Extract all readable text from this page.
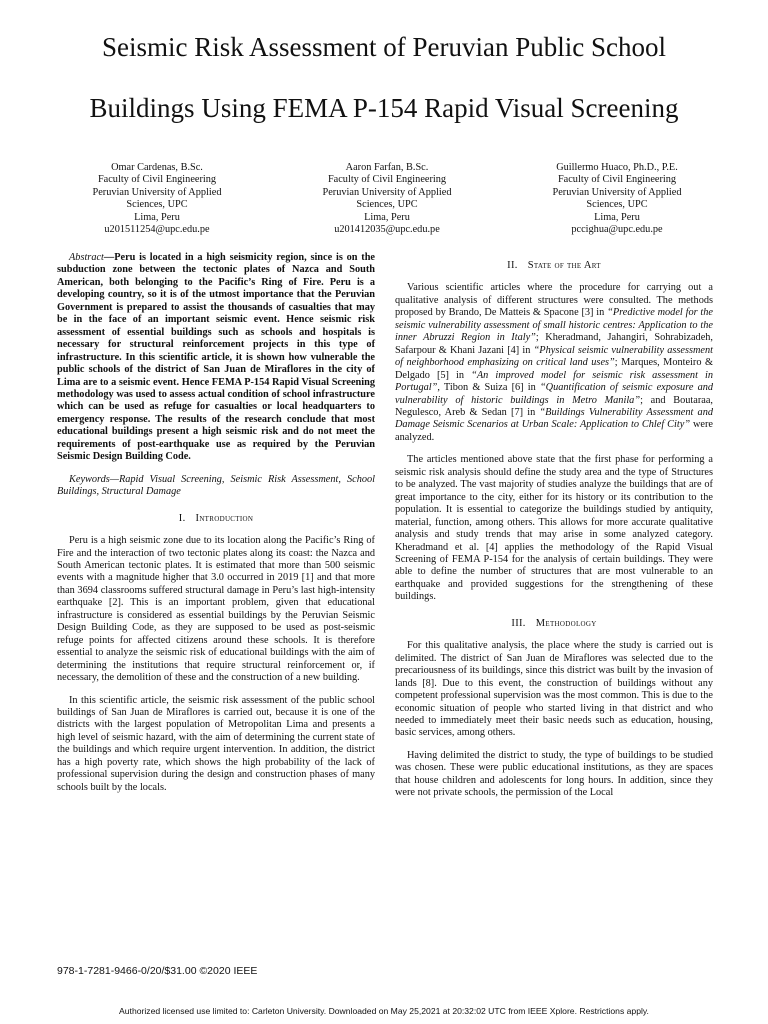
Seismic Risk Assessment of Peruvian Public School
Buildings Using FEMA P-154 Rapid Visual Screening
Omar Cardenas, B.Sc.
Faculty of Civil Engineering
Peruvian University of Applied
Sciences, UPC
Lima, Peru
u201511254@upc.edu.pe
Aaron Farfan, B.Sc.
Faculty of Civil Engineering
Peruvian University of Applied
Sciences, UPC
Lima, Peru
u201412035@upc.edu.pe
Guillermo Huaco, Ph.D., P.E.
Faculty of Civil Engineering
Peruvian University of Applied
Sciences, UPC
Lima, Peru
pccighua@upc.edu.pe

Abstract—Peru is located in a high seismicity region, since is on the subduction zone between the tectonic plates of Nazca and South American, both belonging to the Pacific’s Ring of Fire. Peru is a developing country, so it is of the utmost importance that the Peruvian Government is prepared to assist the thousands of casualties that may be in the face of an important seismic event. Hence seismic risk assessment of essential buildings such as schools and hospitals is necessary for structural reinforcement projects in this type of infrastructure. In this scientific article, it is shown how vulnerable the public schools of the district of San Juan de Miraflores in the city of Lima are to a seismic event. Hence FEMA P-154 Rapid Visual Screening methodology was used to assess actual condition of school infrastructure which can be used as refuge for casualties or local headquarters to emergency response. The results of the research conclude that most educational buildings present a high seismic risk and do not meet the requirements of post-earthquake use as required by the Peruvian Seismic Design Building Code.

Keywords—Rapid Visual Screening, Seismic Risk Assessment, School Buildings, Structural Damage

I. Introduction

Peru is a high seismic zone due to its location along the Pacific’s Ring of Fire and the interaction of two tectonic plates along its coast: the Nazca and South American tectonic plates. It is estimated that more than 500 seismic events with a magnitude higher that 3.0 occurred in 2019 [1] and that more than 3694 classrooms suffered structural damage in Peru’s last high-intensity earthquake [2]. This is an important problem, given that educational infrastructure is considered as essential buildings by the Peruvian Seismic Design Building Code, as they are supposed to be used as post-seismic refuge points for affected citizens around these schools. It is therefore essential to analyze the seismic risk of educational buildings with the aim of determining the institutions that require structural reinforcement or, if necessary, the demolition of these and the construction of a new building.

In this scientific article, the seismic risk assessment of the public school buildings of San Juan de Miraflores is carried out, because it is one of the districts with the largest population of Metropolitan Lima and presents a high level of seismic hazard, with the aim of determining the current state of the buildings and which require urgent intervention. In addition, the district has a high poverty rate, which shows the high probability of the lack of professional supervision during the design and construction phases of many schools built by the locals.

II. State of the Art

Various scientific articles where the procedure for carrying out a qualitative analysis of different structures were consulted. The methods proposed by Brando, De Matteis & Spacone [3] in “Predictive model for the seismic vulnerability assessment of small historic centres: Application to the inner Abruzzi Region in Italy”; Kheradmand, Jahangiri, Sohrabizadeh, Safarpour & Khani Jazani [4] in “Physical seismic vulnerability assessment of neighborhood emphasizing on critical land uses”; Marques, Monteiro & Delgado [5] in “An improved model for seismic risk assessment in Portugal”, Tibon & Suiza [6] in “Quantification of seismic exposure and vulnerability of historic buildings in Metro Manila”; and Boutaraa, Negulesco, Areb & Sedan [7] in “Buildings Vulnerability Assessment and Damage Seismic Scenarios at Urban Scale: Application to Chlef City” were analyzed.

The articles mentioned above state that the first phase for performing a seismic risk analysis should define the study area and the type of Structures to be analyzed. The vast majority of studies analyze the buildings that are of great importance to the city, either for its history or its contribution to the population. It is essential to categorize the buildings studied by antiquity, material, function, among others. This allows for more accurate qualitative analysis and study trends that may arise in some analyzed category. Kheradmand et al. [4] applies the methodology of the Rapid Visual Screening of FEMA P-154 for the analysis of certain buildings. They were able to define the number of structures that are most vulnerable to an earthquake and provided suggestions for the strengthening of these buildings.

III. Methodology

For this qualitative analysis, the place where the study is carried out is delimited. The district of San Juan de Miraflores was selected due to the precariousness of its buildings, since this district was built by the invasion of lands [8]. Due to this event, the construction of buildings without any competent professional supervision was the most common. This is due to the economic situation of people who started living in that district and who needed to immediately meet their basic needs such as education, housing, basic services, among others.

Having delimited the district to study, the type of buildings to be studied was chosen. These were public educational institutions, as they are spaces that house children and adolescents for long hours. In addition, since they were not private schools, the permission of the Local

978-1-7281-9466-0/20/$31.00 ©2020 IEEE
Authorized licensed use limited to: Carleton University. Downloaded on May 25,2021 at 20:32:02 UTC from IEEE Xplore. Restrictions apply.
